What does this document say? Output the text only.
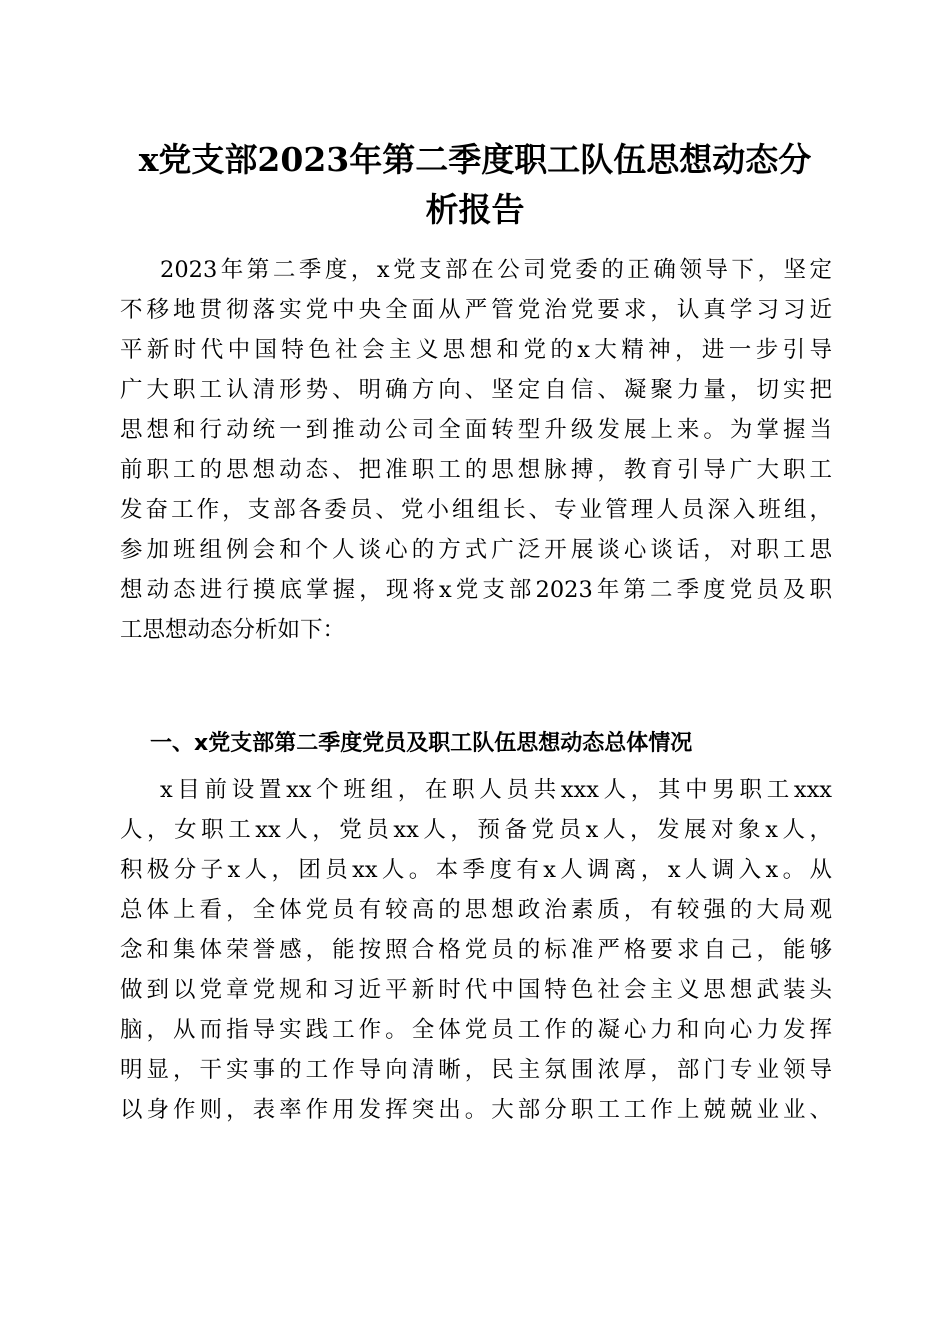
x党支部2023年第二季度职工队伍思想动态分
析报告
2023年第二季度，x党支部在公司党委的正确领导下，坚定
不移地贯彻落实党中央全面从严管党治党要求，认真学习习近
平新时代中国特色社会主义思想和党的x大精神，进一步引导
广大职工认清形势、明确方向、坚定自信、凝聚力量，切实把
思想和行动统一到推动公司全面转型升级发展上来。为掌握当
前职工的思想动态、把准职工的思想脉搏，教育引导广大职工
发奋工作，支部各委员、党小组组长、专业管理人员深入班组，
参加班组例会和个人谈心的方式广泛开展谈心谈话，对职工思
想动态进行摸底掌握，现将x党支部2023年第二季度党员及职
工思想动态分析如下：
一、x党支部第二季度党员及职工队伍思想动态总体情况
x目前设置xx个班组，在职人员共xxx人，其中男职工xxx
人，女职工xx人，党员xx人，预备党员x人，发展对象x人，
积极分子x人，团员xx人。本季度有x人调离，x人调入x。从
总体上看，全体党员有较高的思想政治素质，有较强的大局观
念和集体荣誉感，能按照合格党员的标准严格要求自己，能够
做到以党章党规和习近平新时代中国特色社会主义思想武装头
脑，从而指导实践工作。全体党员工作的凝心力和向心力发挥
明显，干实事的工作导向清晰，民主氛围浓厚，部门专业领导
以身作则，表率作用发挥突出。大部分职工工作上兢兢业业、
